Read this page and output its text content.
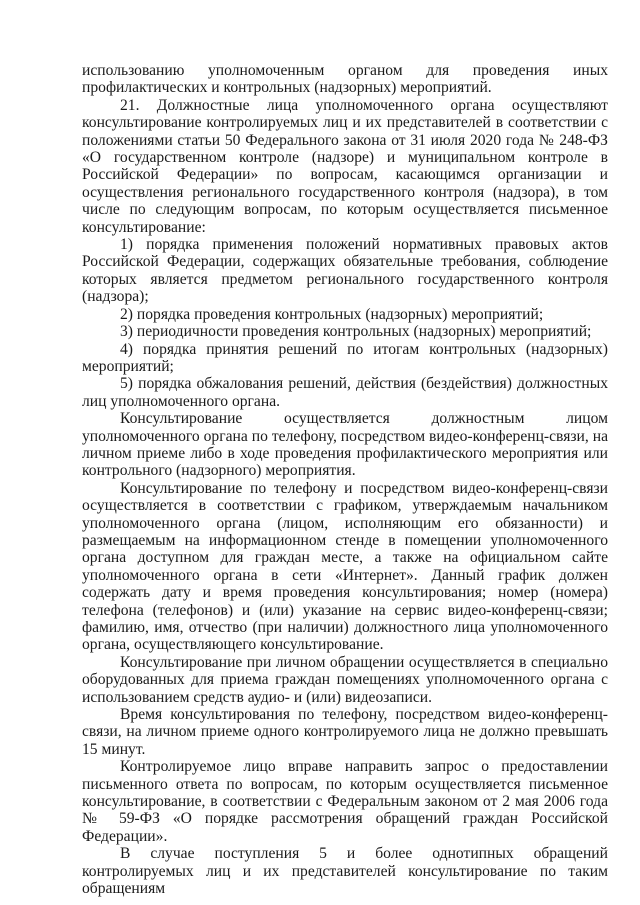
использованию уполномоченным органом для проведения иных профилактических и контрольных (надзорных) мероприятий.

21. Должностные лица уполномоченного органа осуществляют консультирование контролируемых лиц и их представителей в соответствии с положениями статьи 50 Федерального закона от 31 июля 2020 года № 248-ФЗ «О государственном контроле (надзоре) и муниципальном контроле в Российской Федерации» по вопросам, касающимся организации и осуществления регионального государственного контроля (надзора), в том числе по следующим вопросам, по которым осуществляется письменное консультирование:

1) порядка применения положений нормативных правовых актов Российской Федерации, содержащих обязательные требования, соблюдение которых является предметом регионального государственного контроля (надзора);

2) порядка проведения контрольных (надзорных) мероприятий;

3) периодичности проведения контрольных (надзорных) мероприятий;

4) порядка принятия решений по итогам контрольных (надзорных) мероприятий;

5) порядка обжалования решений, действия (бездействия) должностных лиц уполномоченного органа.

Консультирование осуществляется должностным лицом уполномоченного органа по телефону, посредством видео-конференц-связи, на личном приеме либо в ходе проведения профилактического мероприятия или контрольного (надзорного) мероприятия.

Консультирование по телефону и посредством видео-конференц-связи осуществляется в соответствии с графиком, утверждаемым начальником уполномоченного органа (лицом, исполняющим его обязанности) и размещаемым на информационном стенде в помещении уполномоченного органа доступном для граждан месте, а также на официальном сайте уполномоченного органа в сети «Интернет». Данный график должен содержать дату и время проведения консультирования; номер (номера) телефона (телефонов) и (или) указание на сервис видео-конференц-связи; фамилию, имя, отчество (при наличии) должностного лица уполномоченного органа, осуществляющего консультирование.

Консультирование при личном обращении осуществляется в специально оборудованных для приема граждан помещениях уполномоченного органа с использованием средств аудио- и (или) видеозаписи.

Время консультирования по телефону, посредством видео-конференц-связи, на личном приеме одного контролируемого лица не должно превышать 15 минут.

Контролируемое лицо вправе направить запрос о предоставлении письменного ответа по вопросам, по которым осуществляется письменное консультирование, в соответствии с Федеральным законом от 2 мая 2006 года № 59-ФЗ «О порядке рассмотрения обращений граждан Российской Федерации».

В случае поступления 5 и более однотипных обращений контролируемых лиц и их представителей консультирование по таким обращениям
